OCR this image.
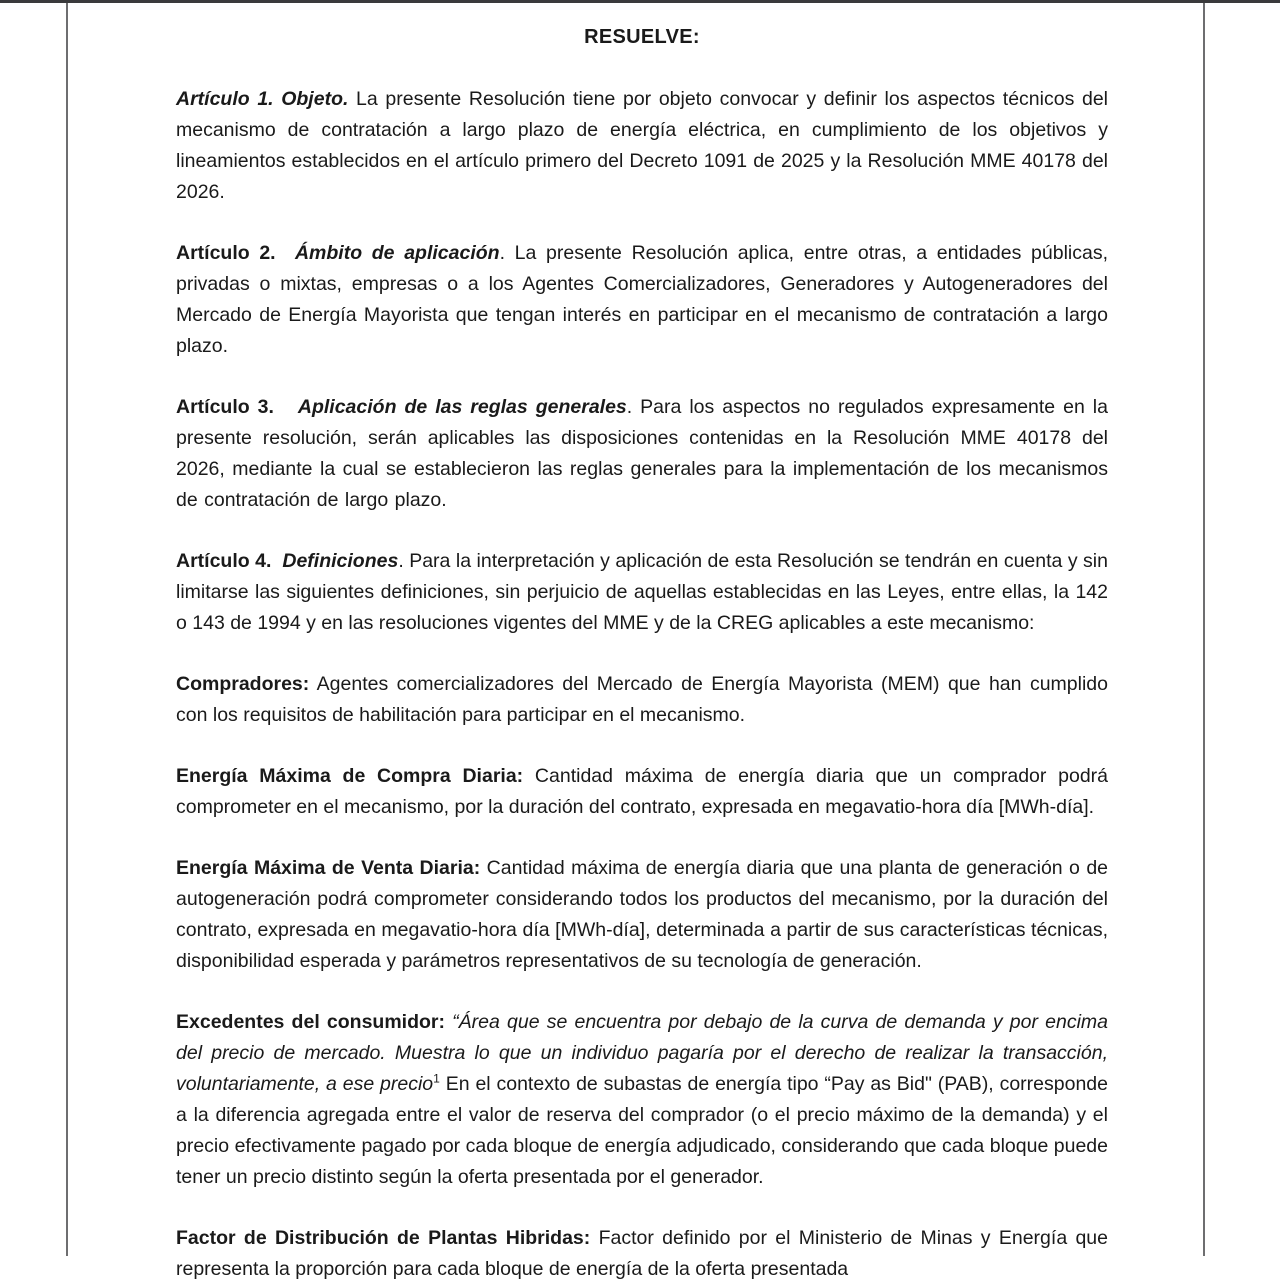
RESUELVE:

Artículo 1. Objeto. La presente Resolución tiene por objeto convocar y definir los aspectos técnicos del mecanismo de contratación a largo plazo de energía eléctrica, en cumplimiento de los objetivos y lineamientos establecidos en el artículo primero del Decreto 1091 de 2025 y la Resolución MME 40178 del 2026.

Artículo 2. Ámbito de aplicación. La presente Resolución aplica, entre otras, a entidades públicas, privadas o mixtas, empresas o a los Agentes Comercializadores, Generadores y Autogeneradores del Mercado de Energía Mayorista que tengan interés en participar en el mecanismo de contratación a largo plazo.

Artículo 3. Aplicación de las reglas generales. Para los aspectos no regulados expresamente en la presente resolución, serán aplicables las disposiciones contenidas en la Resolución MME 40178 del 2026, mediante la cual se establecieron las reglas generales para la implementación de los mecanismos de contratación de largo plazo.

Artículo 4. Definiciones. Para la interpretación y aplicación de esta Resolución se tendrán en cuenta y sin limitarse las siguientes definiciones, sin perjuicio de aquellas establecidas en las Leyes, entre ellas, la 142 o 143 de 1994 y en las resoluciones vigentes del MME y de la CREG aplicables a este mecanismo:

Compradores: Agentes comercializadores del Mercado de Energía Mayorista (MEM) que han cumplido con los requisitos de habilitación para participar en el mecanismo.

Energía Máxima de Compra Diaria: Cantidad máxima de energía diaria que un comprador podrá comprometer en el mecanismo, por la duración del contrato, expresada en megavatio-hora día [MWh-día].

Energía Máxima de Venta Diaria: Cantidad máxima de energía diaria que una planta de generación o de autogeneración podrá comprometer considerando todos los productos del mecanismo, por la duración del contrato, expresada en megavatio-hora día [MWh-día], determinada a partir de sus características técnicas, disponibilidad esperada y parámetros representativos de su tecnología de generación.

Excedentes del consumidor: “Área que se encuentra por debajo de la curva de demanda y por encima del precio de mercado. Muestra lo que un individuo pagaría por el derecho de realizar la transacción, voluntariamente, a ese precio$^1$ En el contexto de subastas de energía tipo “Pay as Bid" (PAB), corresponde a la diferencia agregada entre el valor de reserva del comprador (o el precio máximo de la demanda) y el precio efectivamente pagado por cada bloque de energía adjudicado, considerando que cada bloque puede tener un precio distinto según la oferta presentada por el generador.

Factor de Distribución de Plantas Hibridas: Factor definido por el Ministerio de Minas y Energía que representa la proporción para cada bloque de energía de la oferta presentada
